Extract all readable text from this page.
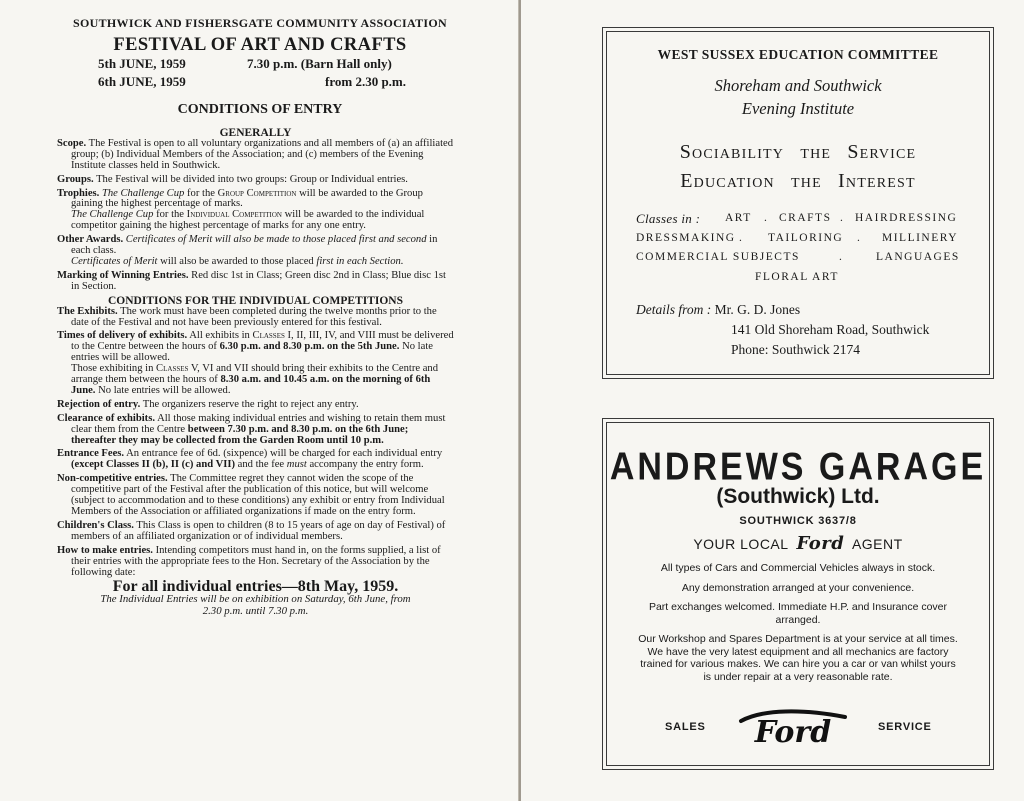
SOUTHWICK AND FISHERSGATE COMMUNITY ASSOCIATION
FESTIVAL OF ART AND CRAFTS
5th JUNE, 1959	7.30 p.m. (Barn Hall only)
6th JUNE, 1959	from 2.30 p.m.
CONDITIONS OF ENTRY
GENERALLY

Scope. The Festival is open to all voluntary organizations and all members of (a) an affiliated group; (b) Individual Members of the Association; and (c) members of the Evening Institute classes held in Southwick.

Groups. The Festival will be divided into two groups: Group or Individual entries.

Trophies. The Challenge Cup for the Group Competition will be awarded to the Group gaining the highest percentage of marks.
The Challenge Cup for the Individual Competition will be awarded to the individual competitor gaining the highest percentage of marks for any one entry.

Other Awards. Certificates of Merit will also be made to those placed first and second in each class.
Certificates of Merit will also be awarded to those placed first in each Section.

Marking of Winning Entries. Red disc 1st in Class; Green disc 2nd in Class; Blue disc 1st in Section.

CONDITIONS FOR THE INDIVIDUAL COMPETITIONS

The Exhibits. The work must have been completed during the twelve months prior to the date of the Festival and not have been previously entered for this festival.

Times of delivery of exhibits. All exhibits in Classes I, II, III, IV, and VIII must be delivered to the Centre between the hours of 6.30 p.m. and 8.30 p.m. on the 5th June. No late entries will be allowed.
Those exhibiting in Classes V, VI and VII should bring their exhibits to the Centre and arrange them between the hours of 8.30 a.m. and 10.45 a.m. on the morning of 6th June. No late entries will be allowed.

Rejection of entry. The organizers reserve the right to reject any entry.

Clearance of exhibits. All those making individual entries and wishing to retain them must clear them from the Centre between 7.30 p.m. and 8.30 p.m. on the 6th June; thereafter they may be collected from the Garden Room until 10 p.m.

Entrance Fees. An entrance fee of 6d. (sixpence) will be charged for each individual entry (except Classes II (b), II (c) and VII) and the fee must accompany the entry form.

Non-competitive entries. The Committee regret they cannot widen the scope of the competitive part of the Festival after the publication of this notice, but will welcome (subject to accommodation and to these conditions) any exhibit or entry from Individual Members of the Association or affiliated organizations if made on the entry form.

Children's Class. This Class is open to children (8 to 15 years of age on day of Festival) of members of an affiliated organization or of individual members.

How to make entries. Intending competitors must hand in, on the forms supplied, a list of their entries with the appropriate fees to the Hon. Secretary of the Association by the following date:

For all individual entries—8th May, 1959.
The Individual Entries will be on exhibition on Saturday, 6th June, from
2.30 p.m. until 7.30 p.m.
WEST SUSSEX EDUCATION COMMITTEE
Shoreham and Southwick
Evening Institute
Sociability the Service
Education the Interest
Classes in : ART . CRAFTS . HAIRDRESSING
DRESSMAKING . TAILORING . MILLINERY
COMMERCIAL SUBJECTS	.	LANGUAGES
FLORAL ART
Details from : Mr. G. D. Jones
141 Old Shoreham Road, Southwick
Phone: Southwick 2174
ANDREWS GARAGE
(Southwick) Ltd.
SOUTHWICK 3637/8
YOUR LOCAL Ford AGENT

All types of Cars and Commercial Vehicles always in stock.

Any demonstration arranged at your convenience.

Part exchanges welcomed. Immediate H.P. and Insurance cover arranged.

Our Workshop and Spares Department is at your service at all times. We have the very latest equipment and all mechanics are factory trained for various makes. We can hire you a car or van whilst yours is under repair at a very reasonable rate.

SALES Ford	SERVICE
